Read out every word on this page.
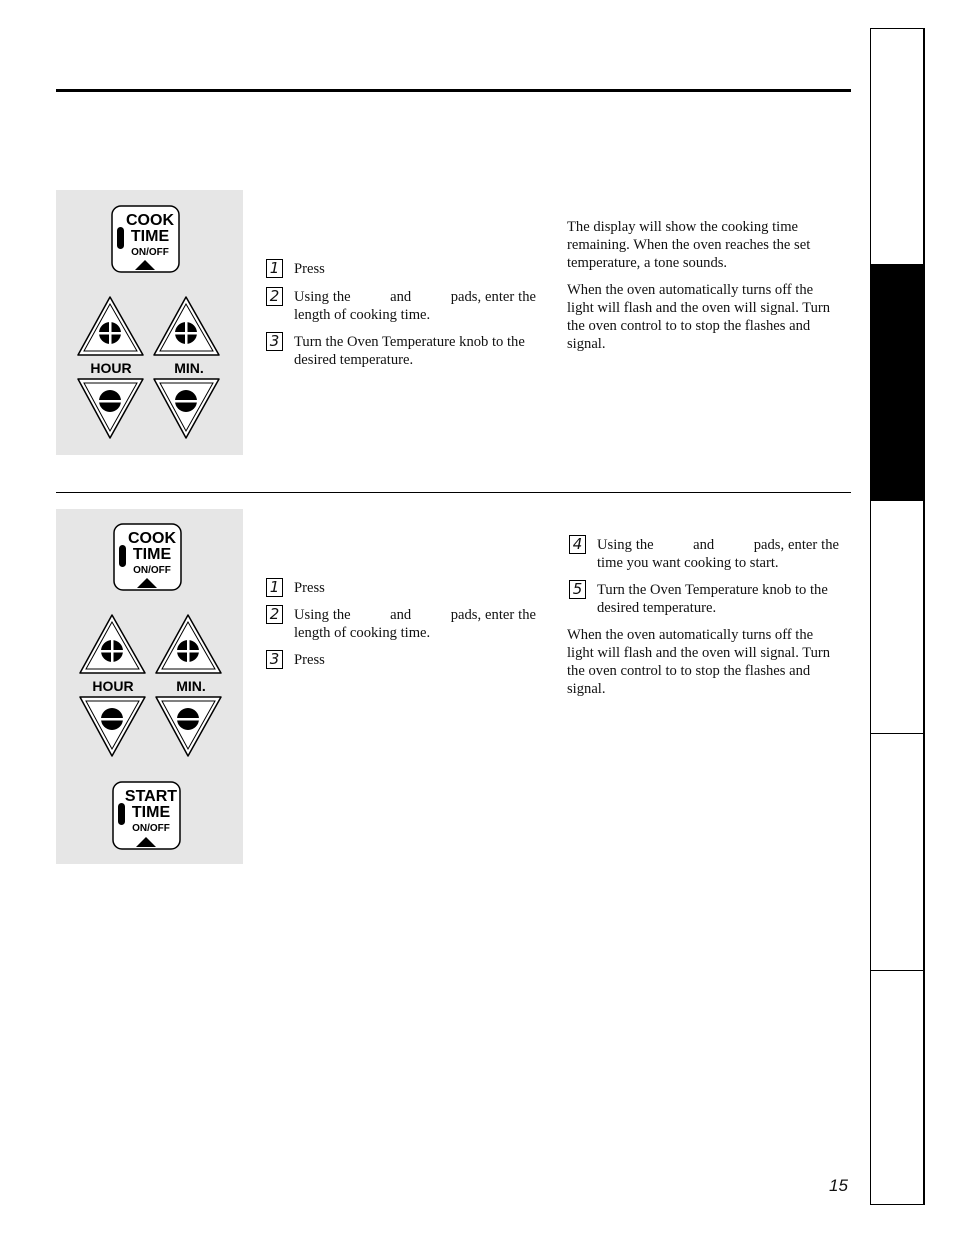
COOK
TIME
ON/OFF
HOUR	MIN.
1 Press
2 Using the          and          pads, enter the length of cooking time.
3 Turn the Oven Temperature knob to the desired temperature.
The display will show the cooking time remaining. When the oven reaches the set temperature, a tone sounds.
When the oven automatically turns off the light will flash and the oven will signal. Turn the oven control to to stop the flashes and signal.
COOK
TIME
ON/OFF
HOUR	MIN.
START
TIME
ON/OFF
1 Press
2 Using the          and          pads, enter the length of cooking time.
3 Press
4 Using the          and          pads, enter the time you want cooking to start.
5 Turn the Oven Temperature knob to the desired temperature.
When the oven automatically turns off the light will flash and the oven will signal. Turn the oven control to to stop the flashes and signal.
15
